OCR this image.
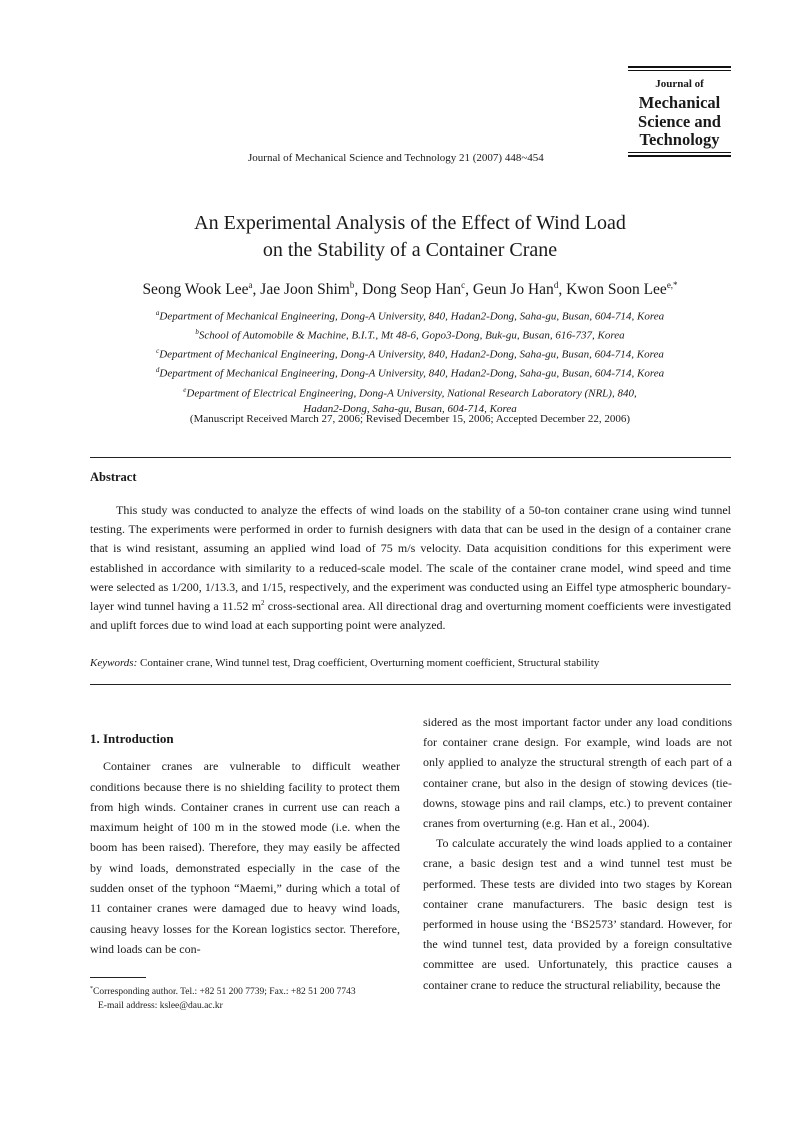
Journal of
Mechanical
Science and
Technology
Journal of Mechanical Science and Technology 21 (2007) 448~454
An Experimental Analysis of the Effect of Wind Load
on the Stability of a Container Crane
Seong Wook Lee$^a$, Jae Joon Shim$^b$, Dong Seop Han$^c$, Geun Jo Han$^d$, Kwon Soon Lee$^{e,*}$
$^a$Department of Mechanical Engineering, Dong-A University, 840, Hadan2-Dong, Saha-gu, Busan, 604-714, Korea
$^b$School of Automobile & Machine, B.I.T., Mt 48-6, Gopo3-Dong, Buk-gu, Busan, 616-737, Korea
$^c$Department of Mechanical Engineering, Dong-A University, 840, Hadan2-Dong, Saha-gu, Busan, 604-714, Korea
$^d$Department of Mechanical Engineering, Dong-A University, 840, Hadan2-Dong, Saha-gu, Busan, 604-714, Korea
$^e$Department of Electrical Engineering, Dong-A University, National Research Laboratory (NRL), 840,
Hadan2-Dong, Saha-gu, Busan, 604-714, Korea
(Manuscript Received March 27, 2006; Revised December 15, 2006; Accepted December 22, 2006)
Abstract
This study was conducted to analyze the effects of wind loads on the stability of a 50-ton container crane using wind tunnel testing. The experiments were performed in order to furnish designers with data that can be used in the design of a container crane that is wind resistant, assuming an applied wind load of 75 m/s velocity. Data acquisition conditions for this experiment were established in accordance with similarity to a reduced-scale model. The scale of the container crane model, wind speed and time were selected as 1/200, 1/13.3, and 1/15, respectively, and the experiment was conducted using an Eiffel type atmospheric boundary-layer wind tunnel having a 11.52 $m^2$ cross-sectional area. All directional drag and overturning moment coefficients were investigated and uplift forces due to wind load at each supporting point were analyzed.
Keywords: Container crane, Wind tunnel test, Drag coefficient, Overturning moment coefficient, Structural stability
1. Introduction
Container cranes are vulnerable to difficult weather conditions because there is no shielding facility to protect them from high winds. Container cranes in current use can reach a maximum height of 100 m in the stowed mode (i.e. when the boom has been raised). Therefore, they may easily be affected by wind loads, demonstrated especially in the case of the sudden onset of the typhoon “Maemi,” during which a total of 11 container cranes were damaged due to heavy wind loads, causing heavy losses for the Korean logistics sector. Therefore, wind loads can be con-
sidered as the most important factor under any load conditions for container crane design. For example, wind loads are not only applied to analyze the structural strength of each part of a container crane, but also in the design of stowing devices (tie-downs, stowage pins and rail clamps, etc.) to prevent container cranes from overturning (e.g. Han et al., 2004).
To calculate accurately the wind loads applied to a container crane, a basic design test and a wind tunnel test must be performed. These tests are divided into two stages by Korean container crane manufacturers. The basic design test is performed in house using the ‘BS2573’ standard. However, for the wind tunnel test, data provided by a foreign consultative committee are used. Unfortunately, this practice causes a container crane to reduce the structural reliability, because the
*Corresponding author. Tel.: +82 51 200 7739; Fax.: +82 51 200 7743
E-mail address: kslee@dau.ac.kr
